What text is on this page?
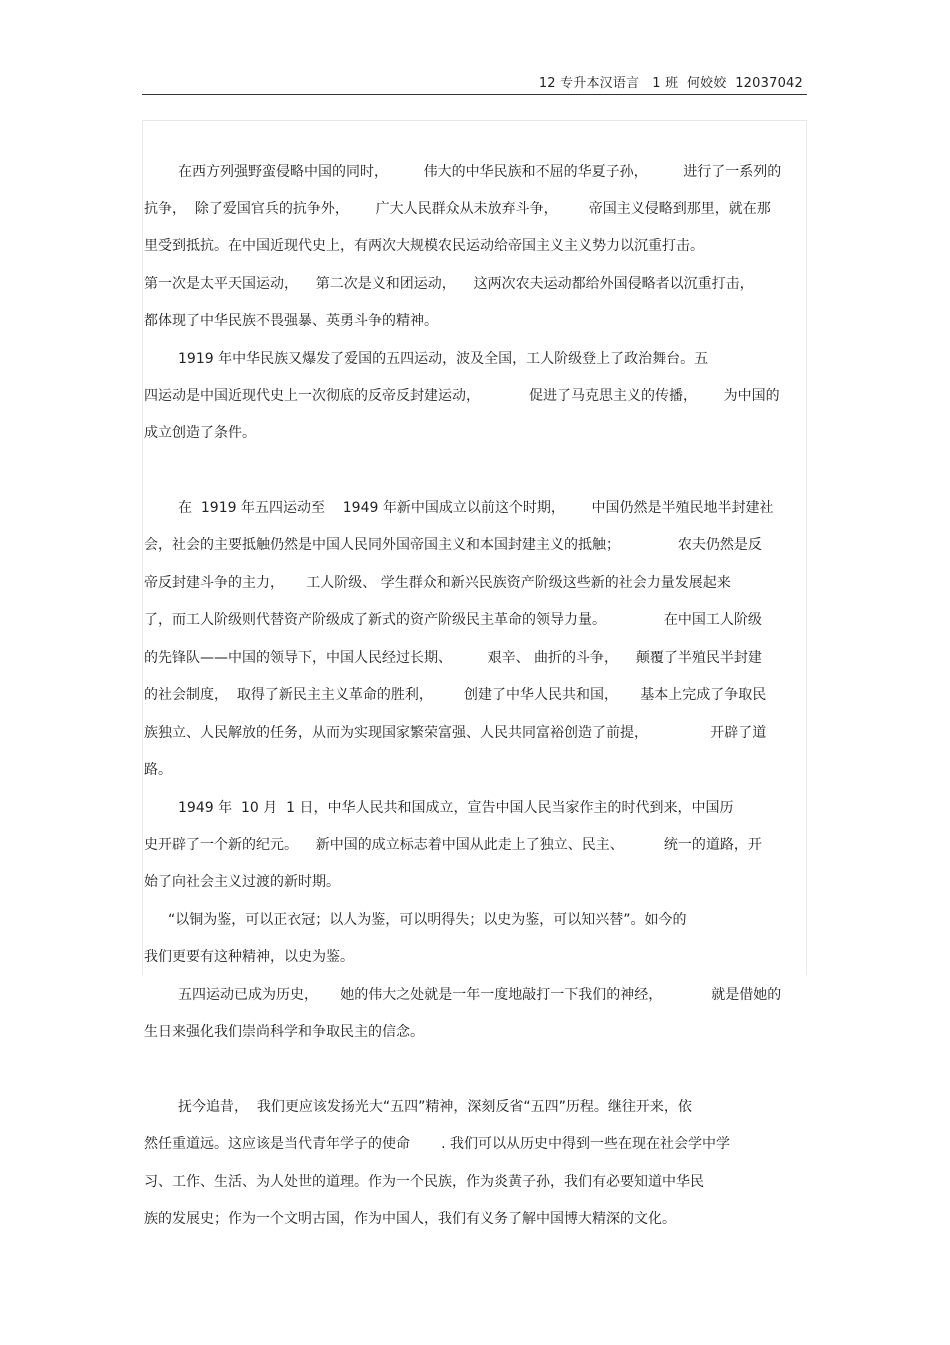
12 专升本汉语言   1 班  何姣姣  12037042
在西方列强野蛮侵略中国的同时，        伟大的中华民族和不屈的华夏子孙，        进行了一系列的
抗争，  除了爱国官兵的抗争外，      广大人民群众从未放弃斗争，       帝国主义侵略到那里，就在那
里受到抵抗。在中国近现代史上，有两次大规模农民运动给帝国主义主义势力以沉重打击。
第一次是太平天国运动，    第二次是义和团运动，    这两次农夫运动都给外国侵略者以沉重打击，
都体现了中华民族不畏强暴、英勇斗争的精神。
1919 年中华民族又爆发了爱国的五四运动，波及全国，工人阶级登上了政治舞台。五
四运动是中国近现代史上一次彻底的反帝反封建运动，           促进了马克思主义的传播，      为中国的
成立创造了条件。
在  1919 年五四运动至    1949 年新中国成立以前这个时期，      中国仍然是半殖民地半封建社
会，社会的主要抵触仍然是中国人民同外国帝国主义和本国封建主义的抵触；             农夫仍然是反
帝反封建斗争的主力，     工人阶级、 学生群众和新兴民族资产阶级这些新的社会力量发展起来
了，而工人阶级则代替资产阶级成了新式的资产阶级民主革命的领导力量。             在中国工人阶级
的先锋队——中国的领导下，中国人民经过长期、        艰辛、 曲折的斗争，    颠覆了半殖民半封建
的社会制度，  取得了新民主主义革命的胜利，       创建了中华人民共和国，     基本上完成了争取民
族独立、人民解放的任务，从而为实现国家繁荣富强、人民共同富裕创造了前提，              开辟了道
路。
1949 年  10 月  1 日，中华人民共和国成立，宣告中国人民当家作主的时代到来，中国历
史开辟了一个新的纪元。    新中国的成立标志着中国从此走上了独立、民主、         统一的道路，开
始了向社会主义过渡的新时期。
“以铜为鉴，可以正衣冠；以人为鉴，可以明得失；以史为鉴，可以知兴替”。如今的
我们更要有这种精神，以史为鉴。
五四运动已成为历史，     她的伟大之处就是一年一度地敲打一下我们的神经，           就是借她的
生日来强化我们崇尚科学和争取民主的信念。
抚今追昔，  我们更应该发扬光大“五四”精神，深刻反省“五四”历程。继往开来，依
然任重道远。这应该是当代青年学子的使命       . 我们可以从历史中得到一些在现在社会学中学
习、工作、生活、为人处世的道理。作为一个民族，作为炎黄子孙，我们有必要知道中华民
族的发展史；作为一个文明古国，作为中国人，我们有义务了解中国博大精深的文化。
